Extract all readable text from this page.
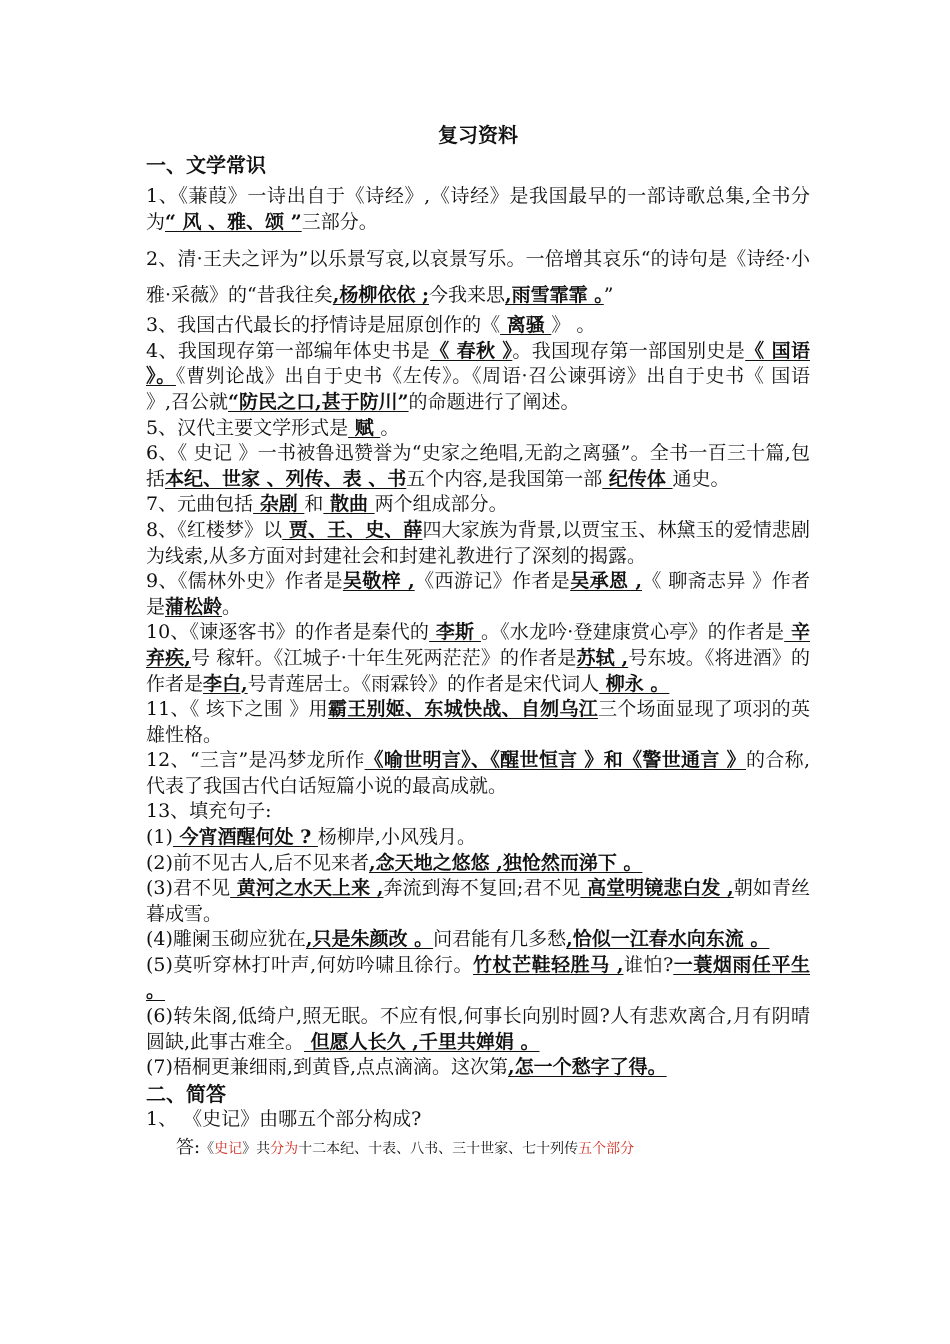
复习资料
一、文学常识

1、《蒹葭》一诗出自于《诗经》,《诗经》是我国最早的一部诗歌总集,全书分为“ 风 、雅、颂 ”三部分。

2、清·王夫之评为”以乐景写哀,以哀景写乐。一倍增其哀乐“的诗句是《诗经·小雅·采薇》的“昔我往矣,杨柳依依 ;今我来思,雨雪霏霏 。”

3、我国古代最长的抒情诗是屈原创作的《 离骚 》 。

4、我国现存第一部编年体史书是《 春秋 》。我国现存第一部国别史是《 国语 》。《曹刿论战》出自于史书《左传》。《周语·召公谏弭谤》出自于史书《 国语 》,召公就“防民之口,甚于防川”的命题进行了阐述。

5、汉代主要文学形式是 赋 。

6、《 史记 》一书被鲁迅赞誉为“史家之绝唱,无韵之离骚”。全书一百三十篇,包括本纪、世家 、列传、表 、书五个内容,是我国第一部 纪传体 通史。

7、元曲包括 杂剧 和 散曲 两个组成部分。

8、《红楼梦》以 贾、王、史、薛四大家族为背景,以贾宝玉、林黛玉的爱情悲剧为线索,从多方面对封建社会和封建礼教进行了深刻的揭露。

9、《儒林外史》作者是吴敬梓 ,《西游记》作者是吴承恩 ,《 聊斋志异 》作者是蒲松龄。

10、《谏逐客书》的作者是秦代的 李斯 。《水龙吟·登建康赏心亭》的作者是 辛弃疾,号 稼轩。《江城子·十年生死两茫茫》的作者是苏轼 ,号东坡。《将进酒》的作者是李白,号青莲居士。《雨霖铃》的作者是宋代词人 柳永 。

11、《 垓下之围 》用霸王别姬、东城快战、自刎乌江三个场面显现了项羽的英雄性格。

12、“三言”是冯梦龙所作《喻世明言》、《醒世恒言 》和《警世通言 》的合称,代表了我国古代白话短篇小说的最高成就。

13、填充句子:

(1) 今宵酒醒何处 ? 杨柳岸,小风残月。

(2)前不见古人,后不见来者,念天地之悠悠 ,独怆然而涕下 。

(3)君不见 黄河之水天上来 ,奔流到海不复回;君不见 高堂明镜悲白发 ,朝如青丝暮成雪。

(4)雕阑玉砌应犹在,只是朱颜改 。问君能有几多愁,恰似一江春水向东流 。

(5)莫听穿林打叶声,何妨吟啸且徐行。竹杖芒鞋轻胜马 ,谁怕?一蓑烟雨任平生 。

(6)转朱阁,低绮户,照无眠。不应有恨,何事长向别时圆?人有悲欢离合,月有阴晴圆缺,此事古难全。 但愿人长久 ,千里共婵娟 。

(7)梧桐更兼细雨,到黄昏,点点滴滴。这次第,怎一个愁字了得。

二、简答

1、 《史记》由哪五个部分构成?

答:《史记》共分为十二本纪、十表、八书、三十世家、七十列传五个部分
